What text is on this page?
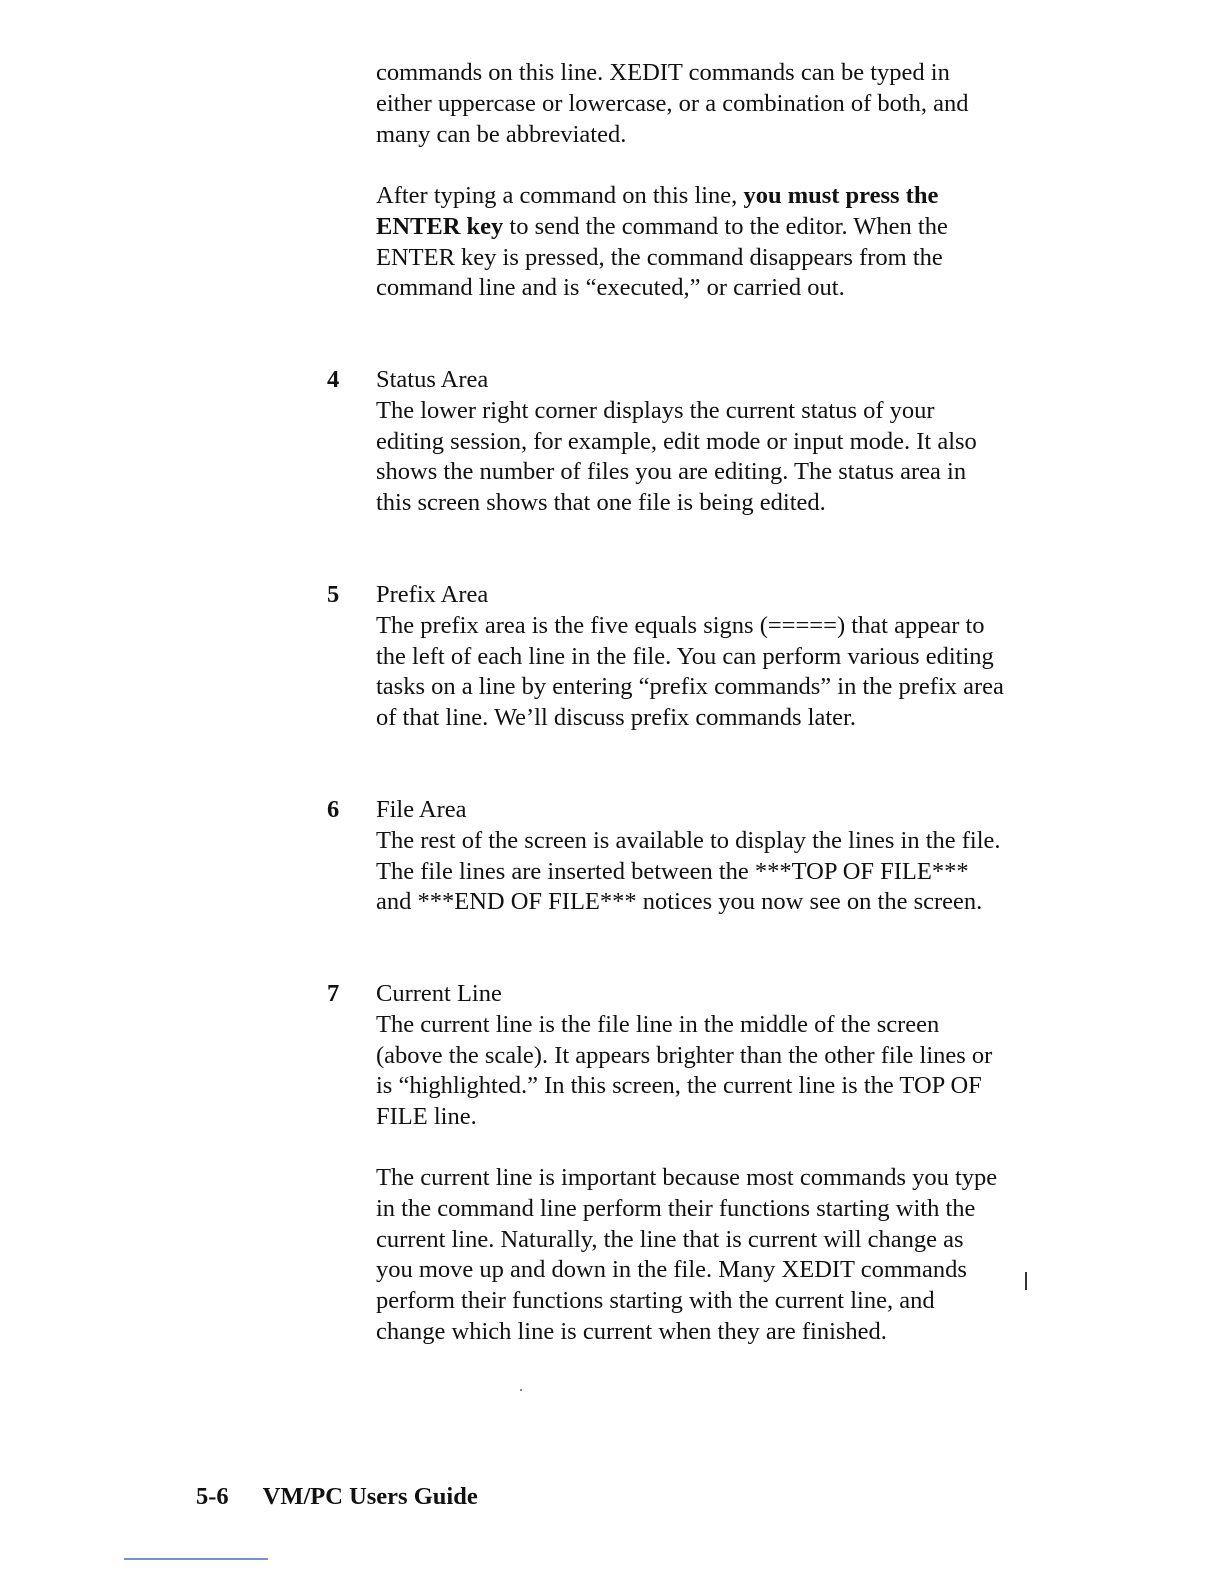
commands on this line. XEDIT commands can be typed in either uppercase or lowercase, or a combination of both, and many can be abbreviated.

After typing a command on this line, you must press the ENTER key to send the command to the editor. When the ENTER key is pressed, the command disappears from the command line and is “executed,” or carried out.

4 Status Area
The lower right corner displays the current status of your editing session, for example, edit mode or input mode. It also shows the number of files you are editing. The status area in this screen shows that one file is being edited.
5 Prefix Area
The prefix area is the five equals signs (=====) that appear to the left of each line in the file. You can perform various editing tasks on a line by entering “prefix commands” in the prefix area of that line. We’ll discuss prefix commands later.
6 File Area
The rest of the screen is available to display the lines in the file. The file lines are inserted between the ***TOP OF FILE*** and ***END OF FILE*** notices you now see on the screen.
7 Current Line
The current line is the file line in the middle of the screen (above the scale). It appears brighter than the other file lines or is “highlighted.” In this screen, the current line is the TOP OF FILE line.

The current line is important because most commands you type in the command line perform their functions starting with the current line. Naturally, the line that is current will change as you move up and down in the file. Many XEDIT commands perform their functions starting with the current line, and change which line is current when they are finished.

5-6 VM/PC Users Guide
